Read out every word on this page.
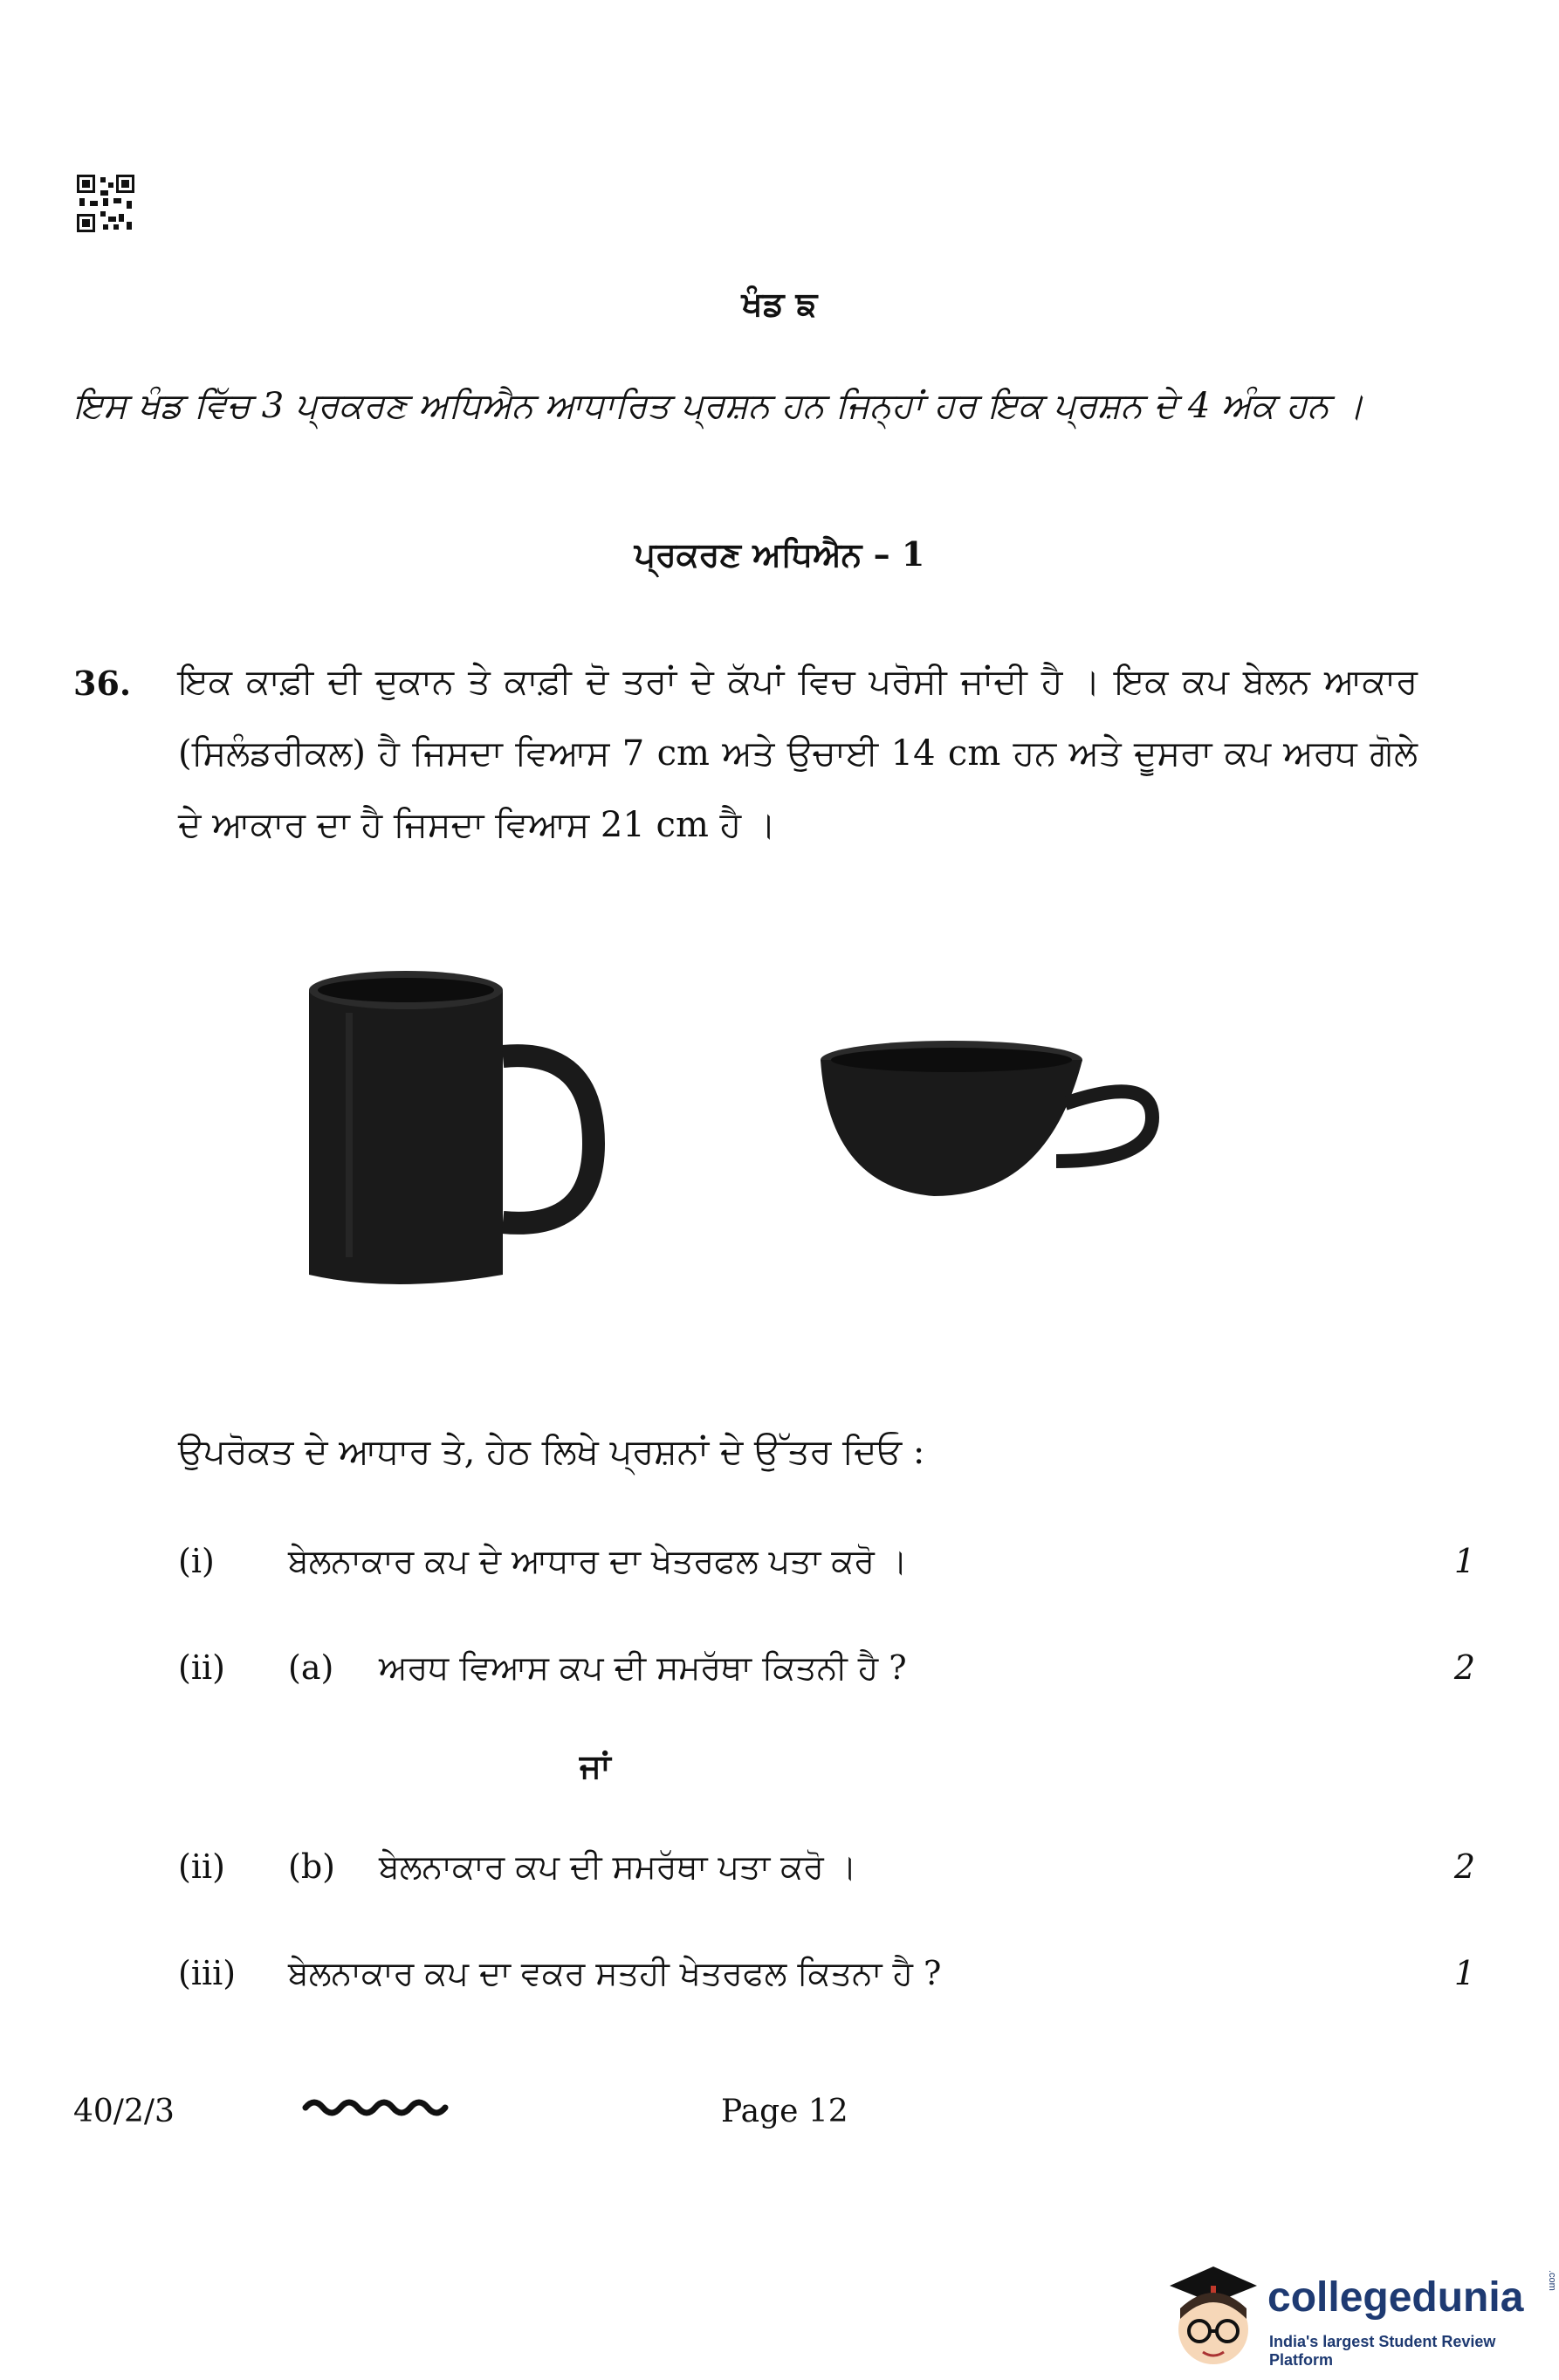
ਖੰਡ ਙ
ਇਸ ਖੰਡ ਵਿੱਚ 3 ਪ੍ਰਕਰਣ ਅਧਿਐਨ ਆਧਾਰਿਤ ਪ੍ਰਸ਼ਨ ਹਨ ਜਿਨ੍ਹਾਂ ਹਰ ਇਕ ਪ੍ਰਸ਼ਨ ਦੇ 4 ਅੰਕ ਹਨ ।
ਪ੍ਰਕਰਣ ਅਧਿਐਨ – 1
36. ਇਕ ਕਾਫ਼ੀ ਦੀ ਦੁਕਾਨ ਤੇ ਕਾਫ਼ੀ ਦੋ ਤਰਾਂ ਦੇ ਕੱਪਾਂ ਵਿਚ ਪਰੋਸੀ ਜਾਂਦੀ ਹੈ । ਇਕ ਕਪ ਬੇਲਨ ਆਕਾਰ (ਸਿਲੰਡਰੀਕਲ) ਹੈ ਜਿਸਦਾ ਵਿਆਸ 7 cm ਅਤੇ ਉਚਾਈ 14 cm ਹਨ ਅਤੇ ਦੂਸਰਾ ਕਪ ਅਰਧ ਗੋਲੇ ਦੇ ਆਕਾਰ ਦਾ ਹੈ ਜਿਸਦਾ ਵਿਆਸ 21 cm ਹੈ ।
ਉਪਰੋਕਤ ਦੇ ਆਧਾਰ ਤੇ, ਹੇਠ ਲਿਖੇ ਪ੍ਰਸ਼ਨਾਂ ਦੇ ਉੱਤਰ ਦਿਓ :
(i) ਬੇਲਨਾਕਾਰ ਕਪ ਦੇ ਆਧਾਰ ਦਾ ਖੇਤਰਫਲ ਪਤਾ ਕਰੋ ।	1
(ii) (a) ਅਰਧ ਵਿਆਸ ਕਪ ਦੀ ਸਮਰੱਥਾ ਕਿਤਨੀ ਹੈ ?	2
ਜਾਂ
(ii) (b) ਬੇਲਨਾਕਾਰ ਕਪ ਦੀ ਸਮਰੱਥਾ ਪਤਾ ਕਰੋ ।	2
(iii) ਬੇਲਨਾਕਾਰ ਕਪ ਦਾ ਵਕਰ ਸਤਹੀ ਖੇਤਰਫਲ ਕਿਤਨਾ ਹੈ ?	1
40/2/3	Page 12
collegedunia .com
India's largest Student Review Platform
